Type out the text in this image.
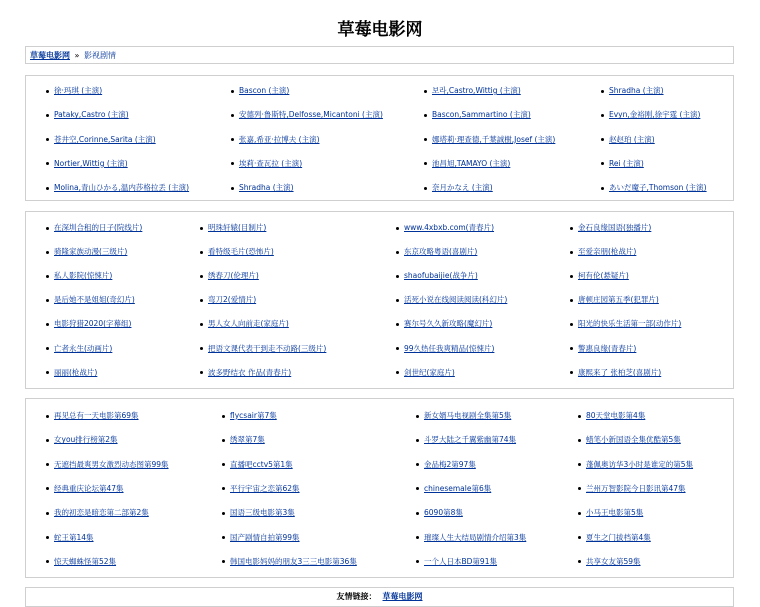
草莓电影网
草莓电影网 » 影视剧情
徐·玛琪 (主演)	Bascon (主演)	보라,Castro,Wittig (主演)	Shradha (主演)
Pataky,Castro (主演)	安德列·鲁斯特,Delfosse,Micantoni (主演)	Bascon,Sammartino (主演)	Evyn,金裕刚,徐宇霆 (主演)
苍井空,Corinne,Sarita (主演)	张嘉,希亚·拉博夫 (主演)	娜塔莉·理查德,千葉誠樹,Josef (主演)	赵赵珀 (主演)
Nortier,Wittig (主演)	埃莉·查瓦拉 (主演)	池昌旭,TAMAYO (主演)	Rei (主演)
Molina,青山ひかる,温内莎格拉丢 (主演)	Shradha (主演)	奈月かなえ (主演)	あいだ魔子,Thomson (主演)
在深圳合租的日子(院线片)	明珠轩辕(目制片)	www.4xbxb.com(青春片)	金石良缘国语(独播片)
骑隆家族动漫(三级片)	看特级毛片(恐怖片)	东京攻略粤语(喜剧片)	至爱亲朋(枪战片)
私人影院(惊悚片)	绣春刀(伦理片)	shaofubaijie(战争片)	柯有伦(悬疑片)
是后她不是姐姐(奇幻片)	弯刀2(爱情片)	活死小说在线阅读阅读(科幻片)	唐顿庄园第五季(犯罪片)
电影狩猎2020(字幕组)	男人女人向前走(家庭片)	赛尔号久久新攻略(魔幻片)	阳光的快乐生活第一部(动作片)
亡者永生(动画片)	把语文课代表干到走不动路(三级片)	99久热任我爽精品(惊悚片)	警惠良缘(青春片)
丽丽(枪战片)	波多野结衣 作品(青春片)	剑世纪(家庭片)	康熙来了 张柏芝(喜剧片)
再见总有一天电影第69集	flycsair第7集	新女婿马电视剧全集第5集	80天堂电影第4集
女you排行榜第2集	绣翠第7集	斗罗大陆之千翼紫幽第74集	蜡笔小新国语全集优酷第5集
无遮挡最爽男女激烈动态图第99集	直播吧cctv5第1集	金品梅2第97集	蓬佩奥访华3小时是谁定的第5集
经典重庆论坛第47集	平行宇宙之恋第62集	chinesemale第6集	兰州万智影院今日影讯第47集
我的初恋是暗恋第二部第2集	国语三级电影第3集	6090第8集	小马王电影第5集
蛇王第14集	国产剧情自拍第99集	璀璨人生大结局剧情介绍第3集	夏生之门拔档第4集
惊天蜘蛛怪第52集	韩国电影妈妈的朋友3三三电影第36集	一个人日本BD第91集	共享女友第59集
友情链接： 草莓电影网
